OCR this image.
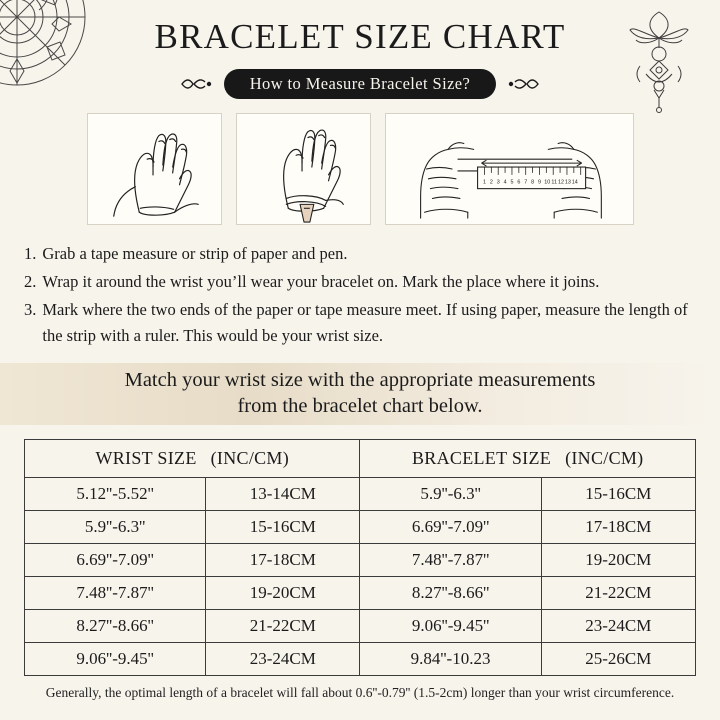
BRACELET SIZE CHART
How to Measure Bracelet Size?
1 2 3 4 5 6 7 8 9 10 11 12 13 14
1. Grab a tape measure or strip of paper and pen.
2. Wrap it around the wrist you’ll wear your bracelet on. Mark the place where it joins.
3. Mark where the two ends of the paper or tape measure meet. If using paper, measure the length of the strip with a ruler. This would be your wrist size.
Match your wrist size with the appropriate measurements
from the bracelet chart below.
WRIST SIZE (INC/CM)		BRACELET SIZE (INC/CM)	
5.12''-5.52''	13-14CM	5.9''-6.3''	15-16CM
5.9''-6.3''	15-16CM	6.69''-7.09''	17-18CM
6.69''-7.09''	17-18CM	7.48''-7.87''	19-20CM
7.48''-7.87''	19-20CM	8.27''-8.66''	21-22CM
8.27''-8.66''	21-22CM	9.06''-9.45''	23-24CM
9.06''-9.45''	23-24CM	9.84''-10.23	25-26CM
Generally, the optimal length of a bracelet will fall about 0.6''-0.79'' (1.5-2cm) longer than your wrist circumference.
